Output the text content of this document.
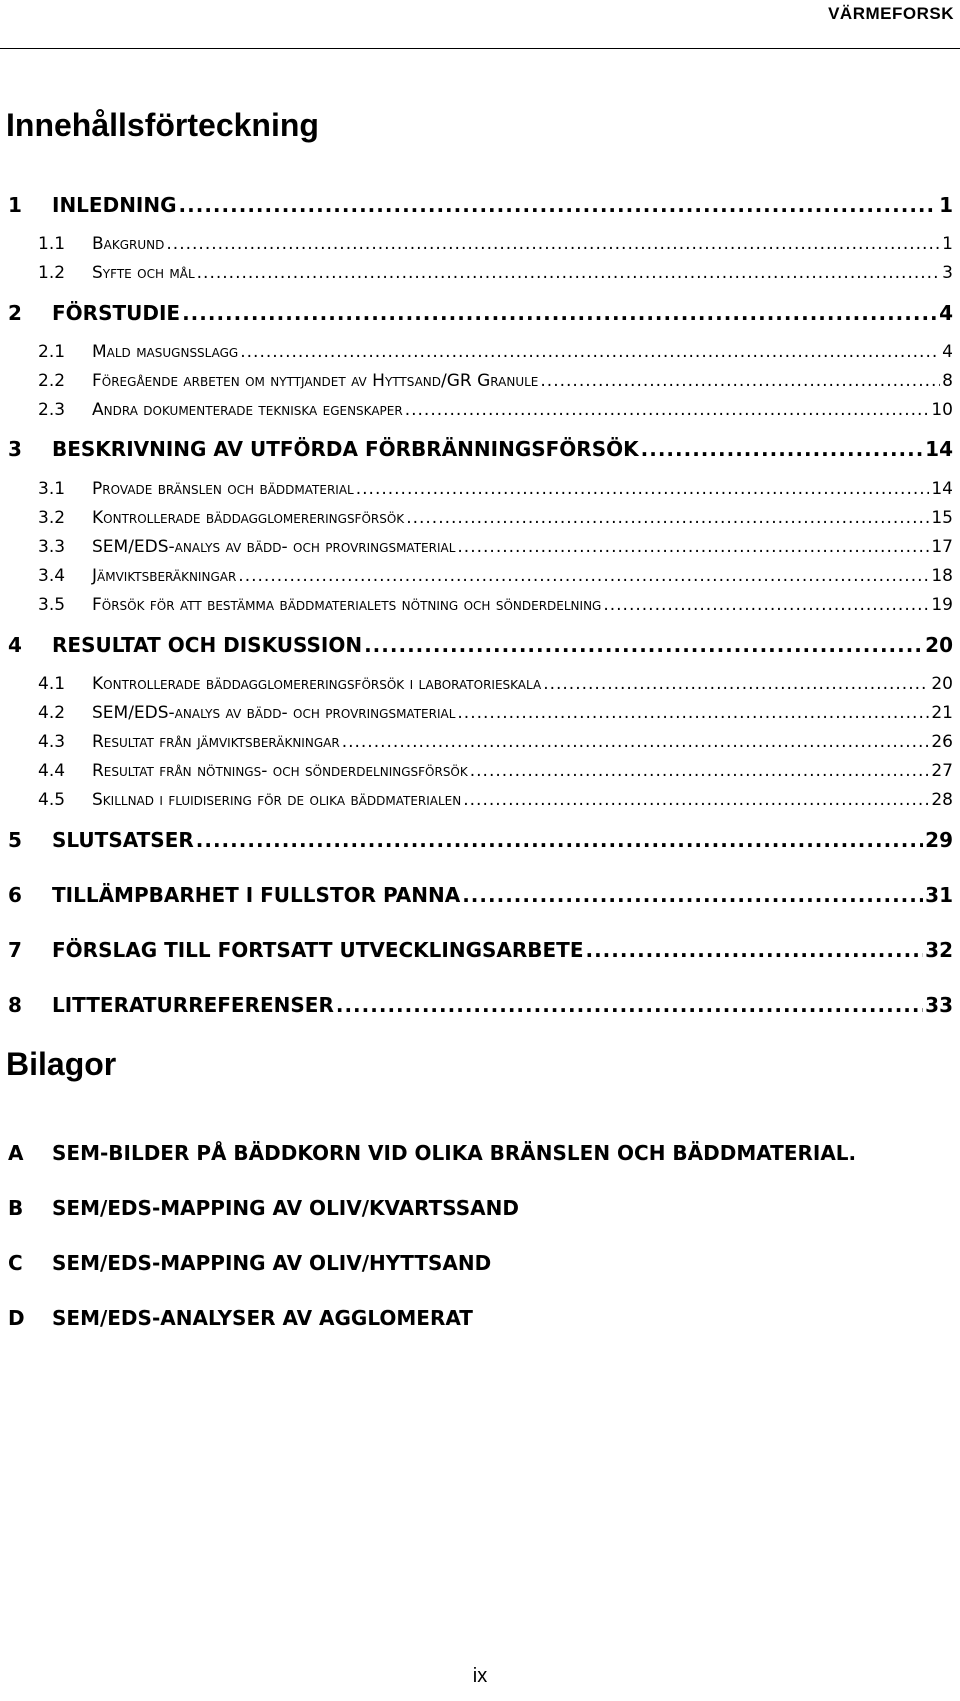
VÄRMEFORSK
Innehållsförteckning
1	INLEDNING .....	1
1.1	Bakgrund .....	1
1.2	Syfte och mål .....	3
2	FÖRSTUDIE .....	4
2.1	Mald masugnsslagg .....	4
2.2	Föregående arbeten om nyttjandet av Hyttsand/GR Granule .....	8
2.3	Andra dokumenterade tekniska egenskaper .....	10
3	BESKRIVNING AV UTFÖRDA FÖRBRÄNNINGSFÖRSÖK .....	14
3.1	Provade bränslen och bäddmaterial .....	14
3.2	Kontrollerade bäddagglomereringsförsök .....	15
3.3	SEM/EDS-analys av bädd- och provringsmaterial .....	17
3.4	Jämviktsberäkningar .....	18
3.5	Försök för att bestämma bäddmaterialets nötning och sönderdelning .....	19
4	RESULTAT OCH DISKUSSION .....	20
4.1	Kontrollerade bäddagglomereringsförsök i laboratorieskala .....	20
4.2	SEM/EDS-analys av bädd- och provringsmaterial .....	21
4.3	Resultat från jämviktsberäkningar .....	26
4.4	Resultat från nötnings- och sönderdelningsförsök .....	27
4.5	Skillnad i fluidisering för de olika bäddmaterialen .....	28
5	SLUTSATSER .....	29
6	TILLÄMPBARHET I FULLSTOR PANNA .....	31
7	FÖRSLAG TILL FORTSATT UTVECKLINGSARBETE .....	32
8	LITTERATURREFERENSER .....	33
Bilagor
A	SEM-BILDER PÅ BÄDDKORN VID OLIKA BRÄNSLEN OCH BÄDDMATERIAL.
B	SEM/EDS-MAPPING AV OLIV/KVARTSSAND
C	SEM/EDS-MAPPING AV OLIV/HYTTSAND
D	SEM/EDS-ANALYSER AV AGGLOMERAT
ix
